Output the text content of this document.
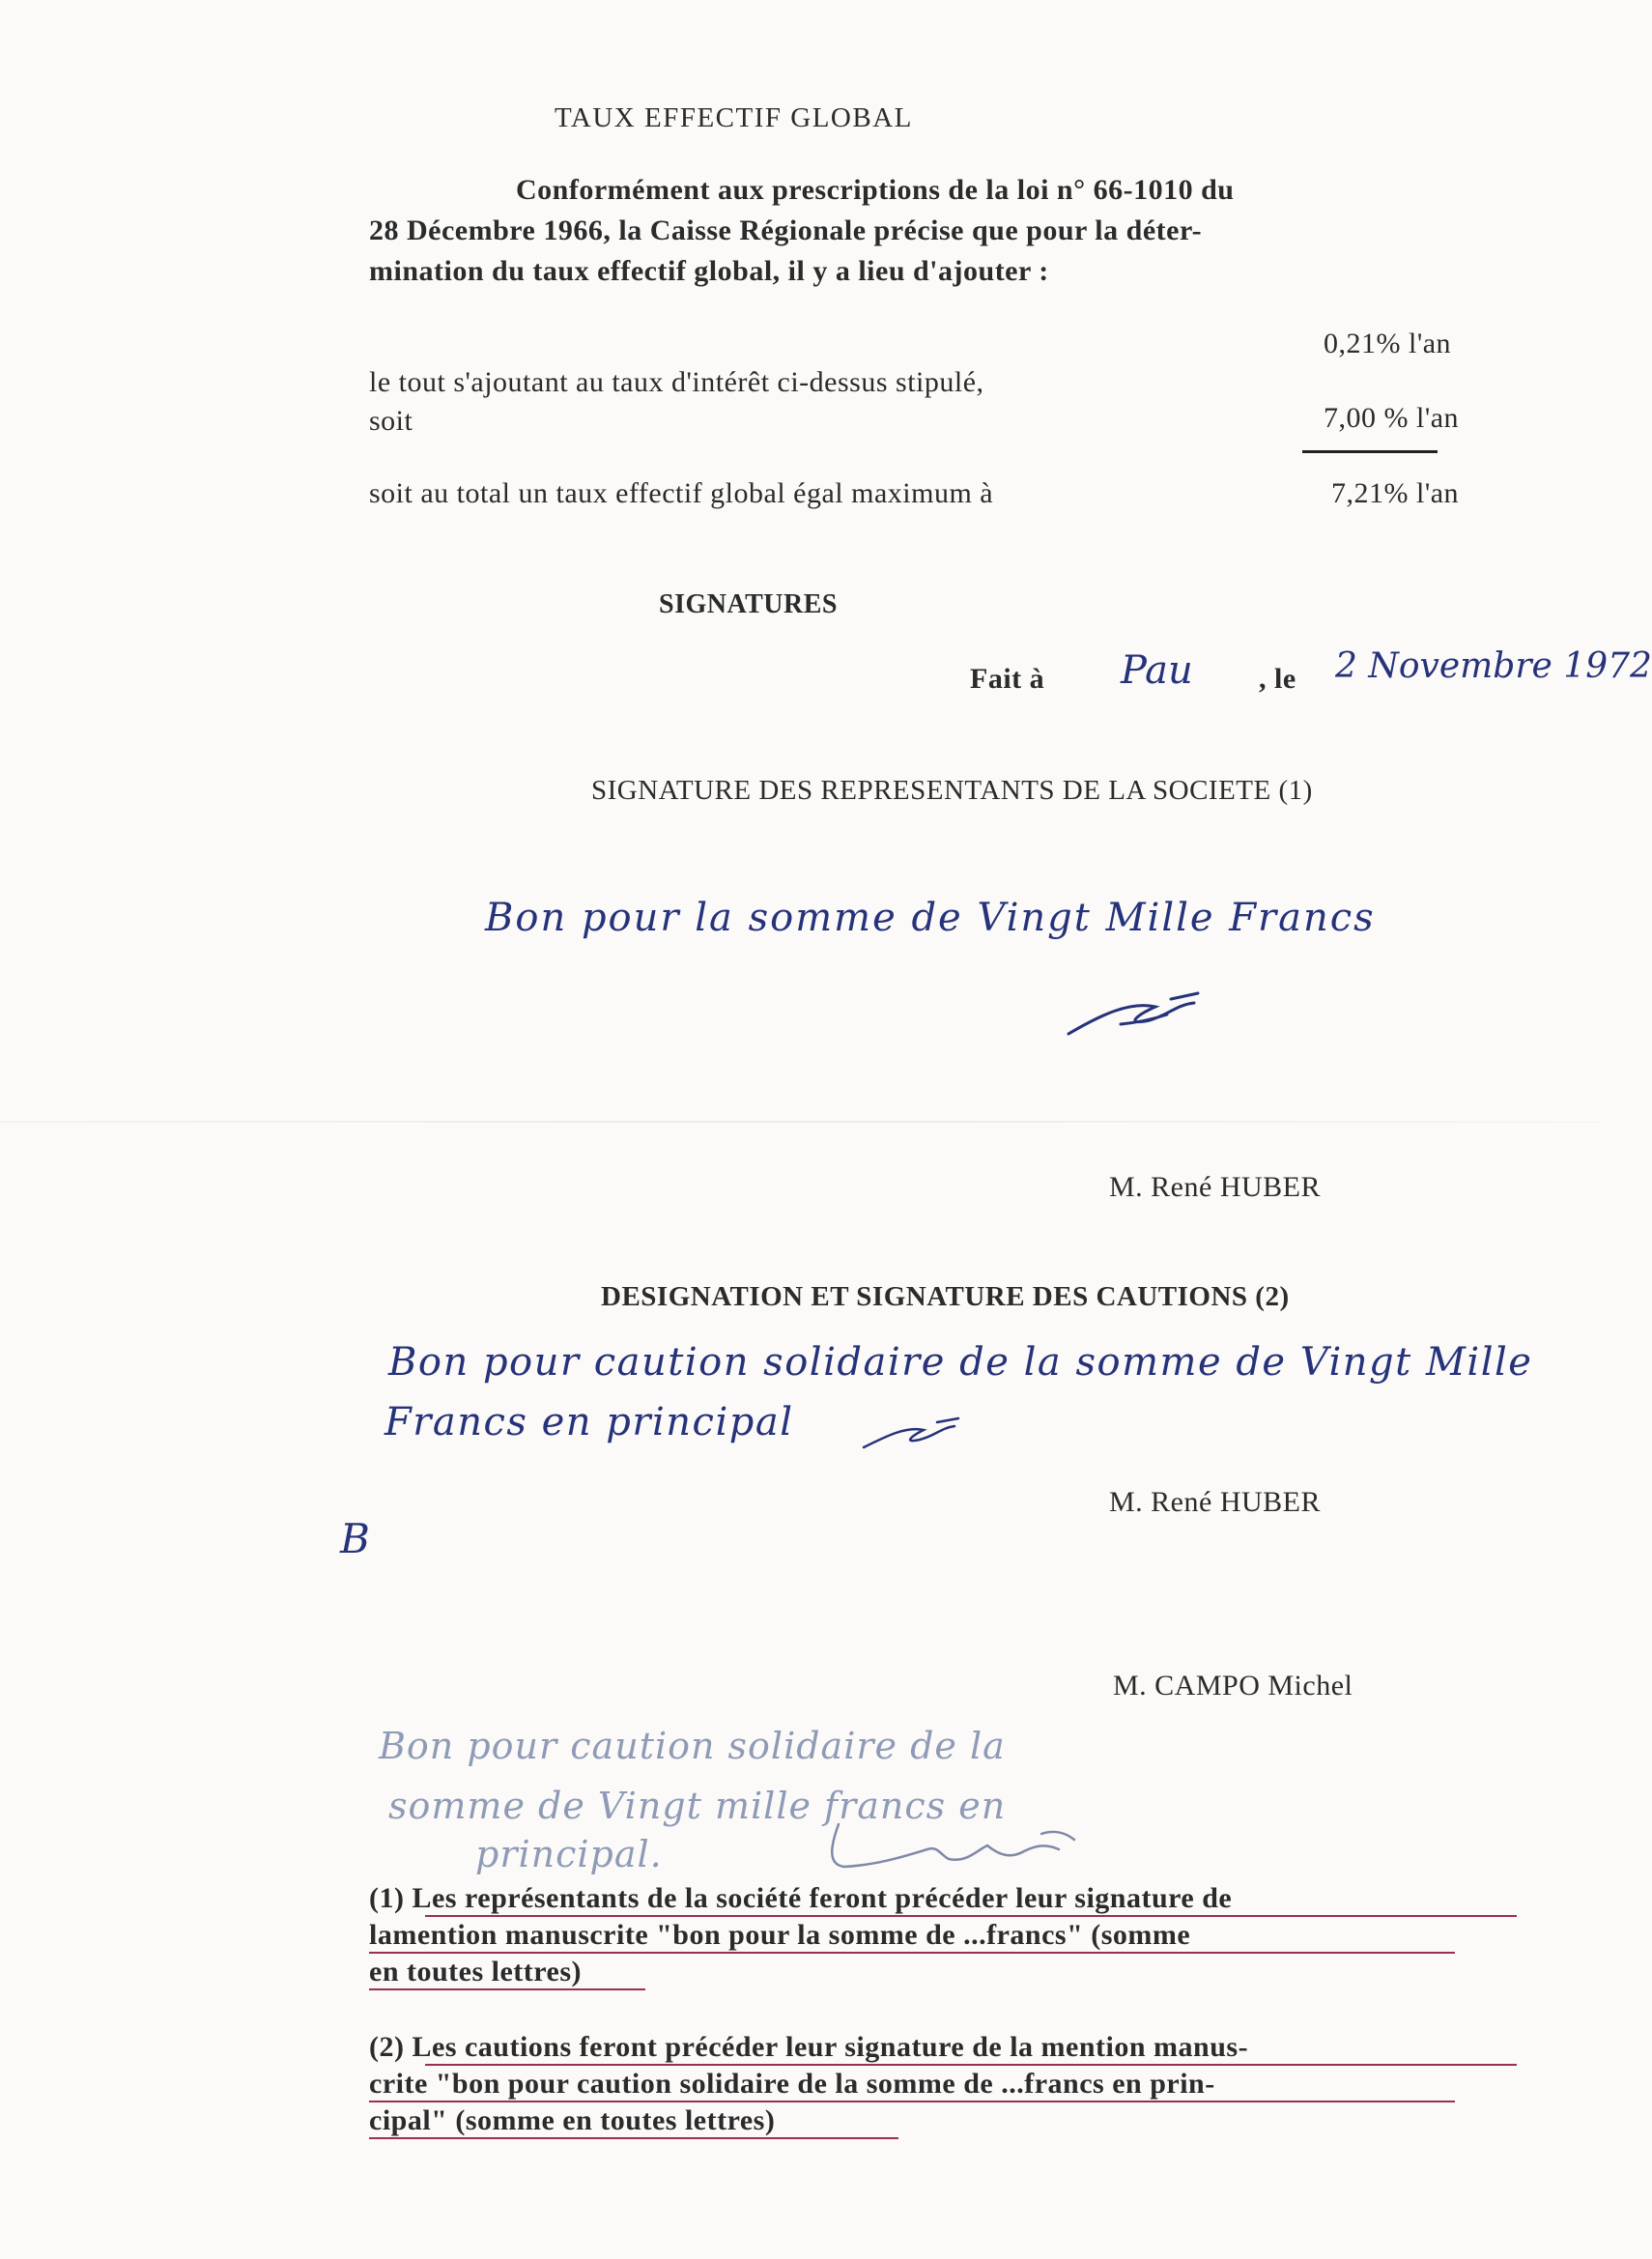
TAUX EFFECTIF GLOBAL
Conformément aux prescriptions de la loi n° 66-1010 du
28 Décembre 1966, la Caisse Régionale précise que pour la déter-
mination du taux effectif global, il y a lieu d'ajouter :
0,21% l'an
le tout s'ajoutant au taux d'intérêt ci-dessus stipulé,
soit	7,00 % l'an
soit au total un taux effectif global égal maximum à	7,21% l'an
SIGNATURES
Fait à Pau , le 2 Novembre 1972
SIGNATURE DES REPRESENTANTS DE LA SOCIETE (1)
Bon pour la somme de Vingt Mille Francs
M. René HUBER
DESIGNATION ET SIGNATURE DES CAUTIONS (2)
Bon pour caution solidaire de la somme de Vingt Mille
Francs en principal
M. René HUBER
B
M. CAMPO Michel
Bon pour caution solidaire de la
somme de Vingt mille francs en
principal.
(1) Les représentants de la société feront précéder leur signature de
lamention manuscrite "bon pour la somme de ...francs" (somme
en toutes lettres)
(2) Les cautions feront précéder leur signature de la mention manus-
crite "bon pour caution solidaire de la somme de ...francs en prin-
cipal" (somme en toutes lettres)
